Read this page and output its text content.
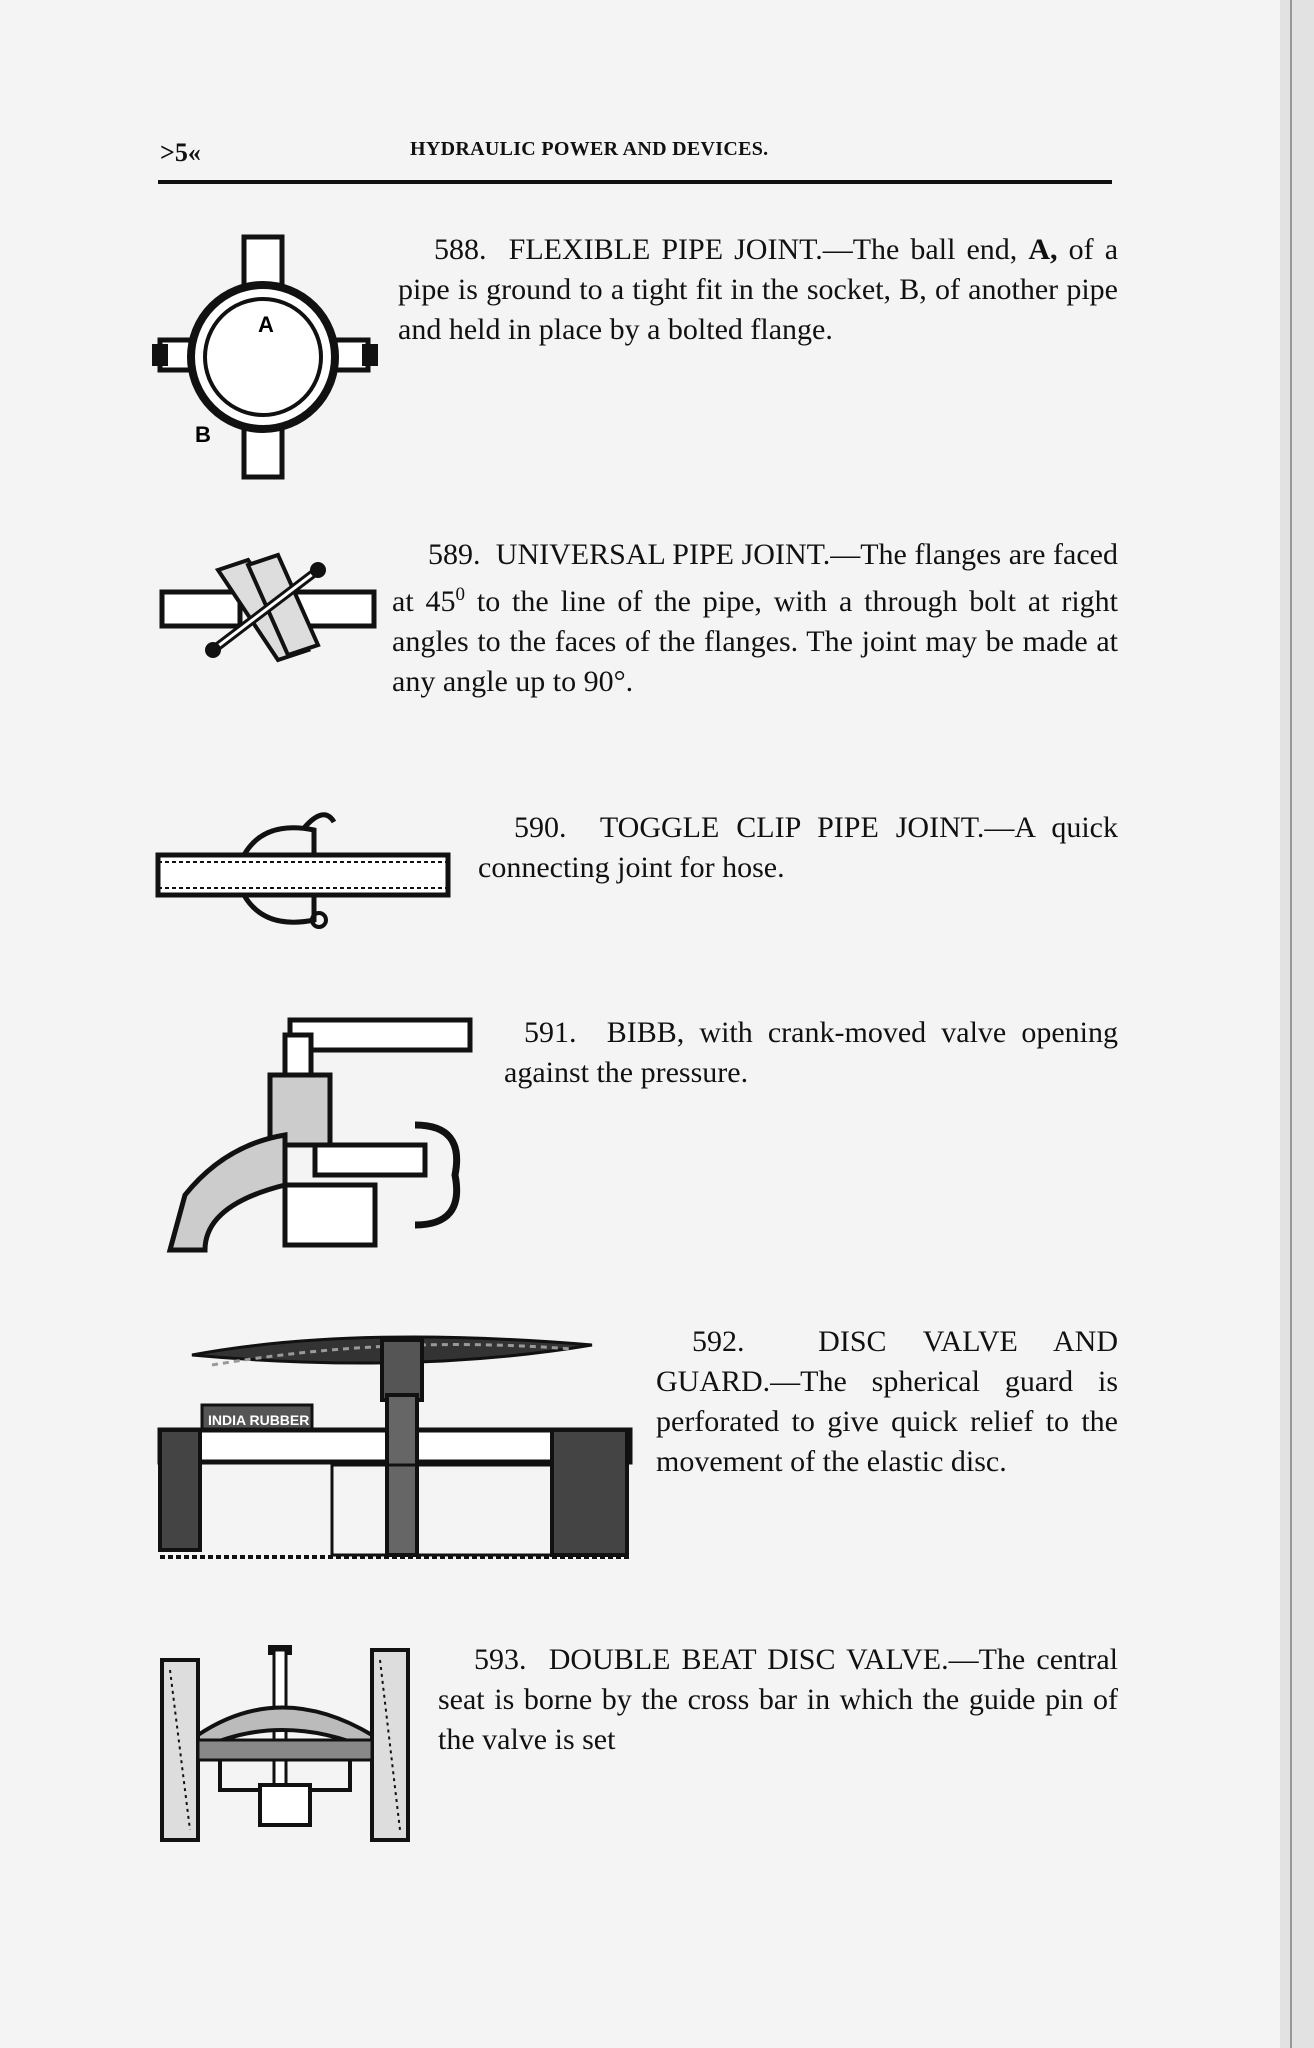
>5«	HYDRAULIC POWER AND DEVICES.
A
B
588. FLEXIBLE PIPE JOINT.—The ball end, A, of a pipe is ground to a tight fit in the socket, B, of another pipe and held in place by a bolted flange.
589. UNIVERSAL PIPE JOINT.—The flanges are faced at $45^0$ to the line of the pipe, with a through bolt at right angles to the faces of the flanges. The joint may be made at any angle up to 90°.
590. TOGGLE CLIP PIPE JOINT.—A quick connecting joint for hose.
591. BIBB, with crank-moved valve opening against the pressure.
INDIA RUBBER
592. DISC VALVE AND GUARD.—The spherical guard is perforated to give quick relief to the movement of the elastic disc.
593. DOUBLE BEAT DISC VALVE.—The central seat is borne by the cross bar in which the guide pin of the valve is set
